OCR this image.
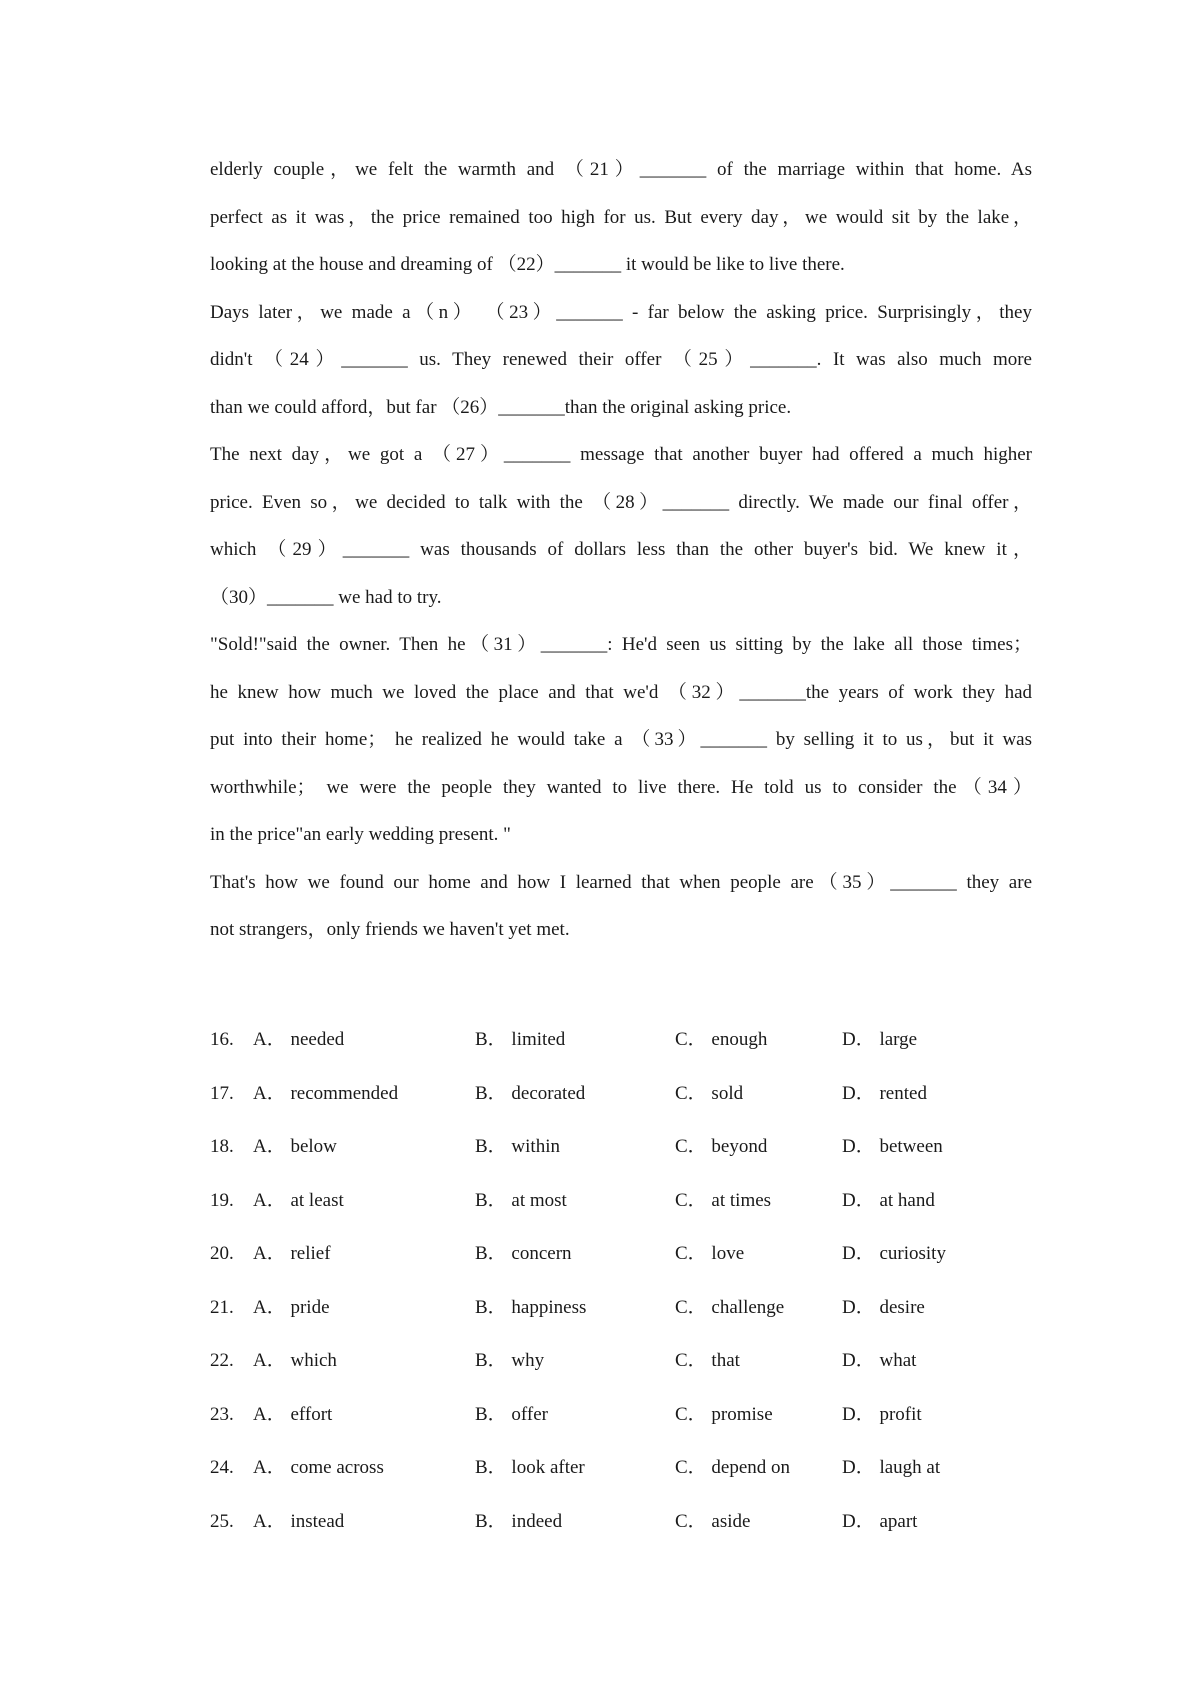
elderly couple，we felt the warmth and （21）_______ of the marriage within that home. As
perfect as it was，the price remained too high for us. But every day，we would sit by the lake，
looking at the house and dreaming of （22）_______ it would be like to live there.
Days later，we made a（n） （23）_______ - far below the asking price. Surprisingly，they
didn't （24）_______ us. They renewed their offer （25）_______. It was also much more
than we could afford，but far （26）_______than the original asking price.
The next day，we got a （27）_______ message that another buyer had offered a much higher
price. Even so，we decided to talk with the （28）_______ directly. We made our final offer，
which （29）_______ was thousands of dollars less than the other buyer's bid. We knew it，
（30）_______ we had to try.
"Sold!"said the owner. Then he（31）_______: He'd seen us sitting by the lake all those times；
he knew how much we loved the place and that we'd （32）_______the years of work they had
put into their home； he realized he would take a （33）_______ by selling it to us，but it was
worthwhile； we were the people they wanted to live there. He told us to consider the（34）
in the price"an early wedding present. "
That's how we found our home and how I learned that when people are（35）_______ they are
not strangers，only friends we haven't yet met.
16. A． needed	B． limited	C． enough	D． large
17. A． recommended	B． decorated	C． sold	D． rented
18. A． below	B． within	C． beyond	D． between
19. A． at least	B． at most	C． at times	D． at hand
20. A． relief	B． concern	C． love	D． curiosity
21. A． pride	B． happiness	C． challenge	D． desire
22. A． which	B． why	C． that	D． what
23. A． effort	B． offer	C． promise	D． profit
24. A． come across	B． look after	C． depend on	D． laugh at
25. A． instead	B． indeed	C． aside	D． apart
